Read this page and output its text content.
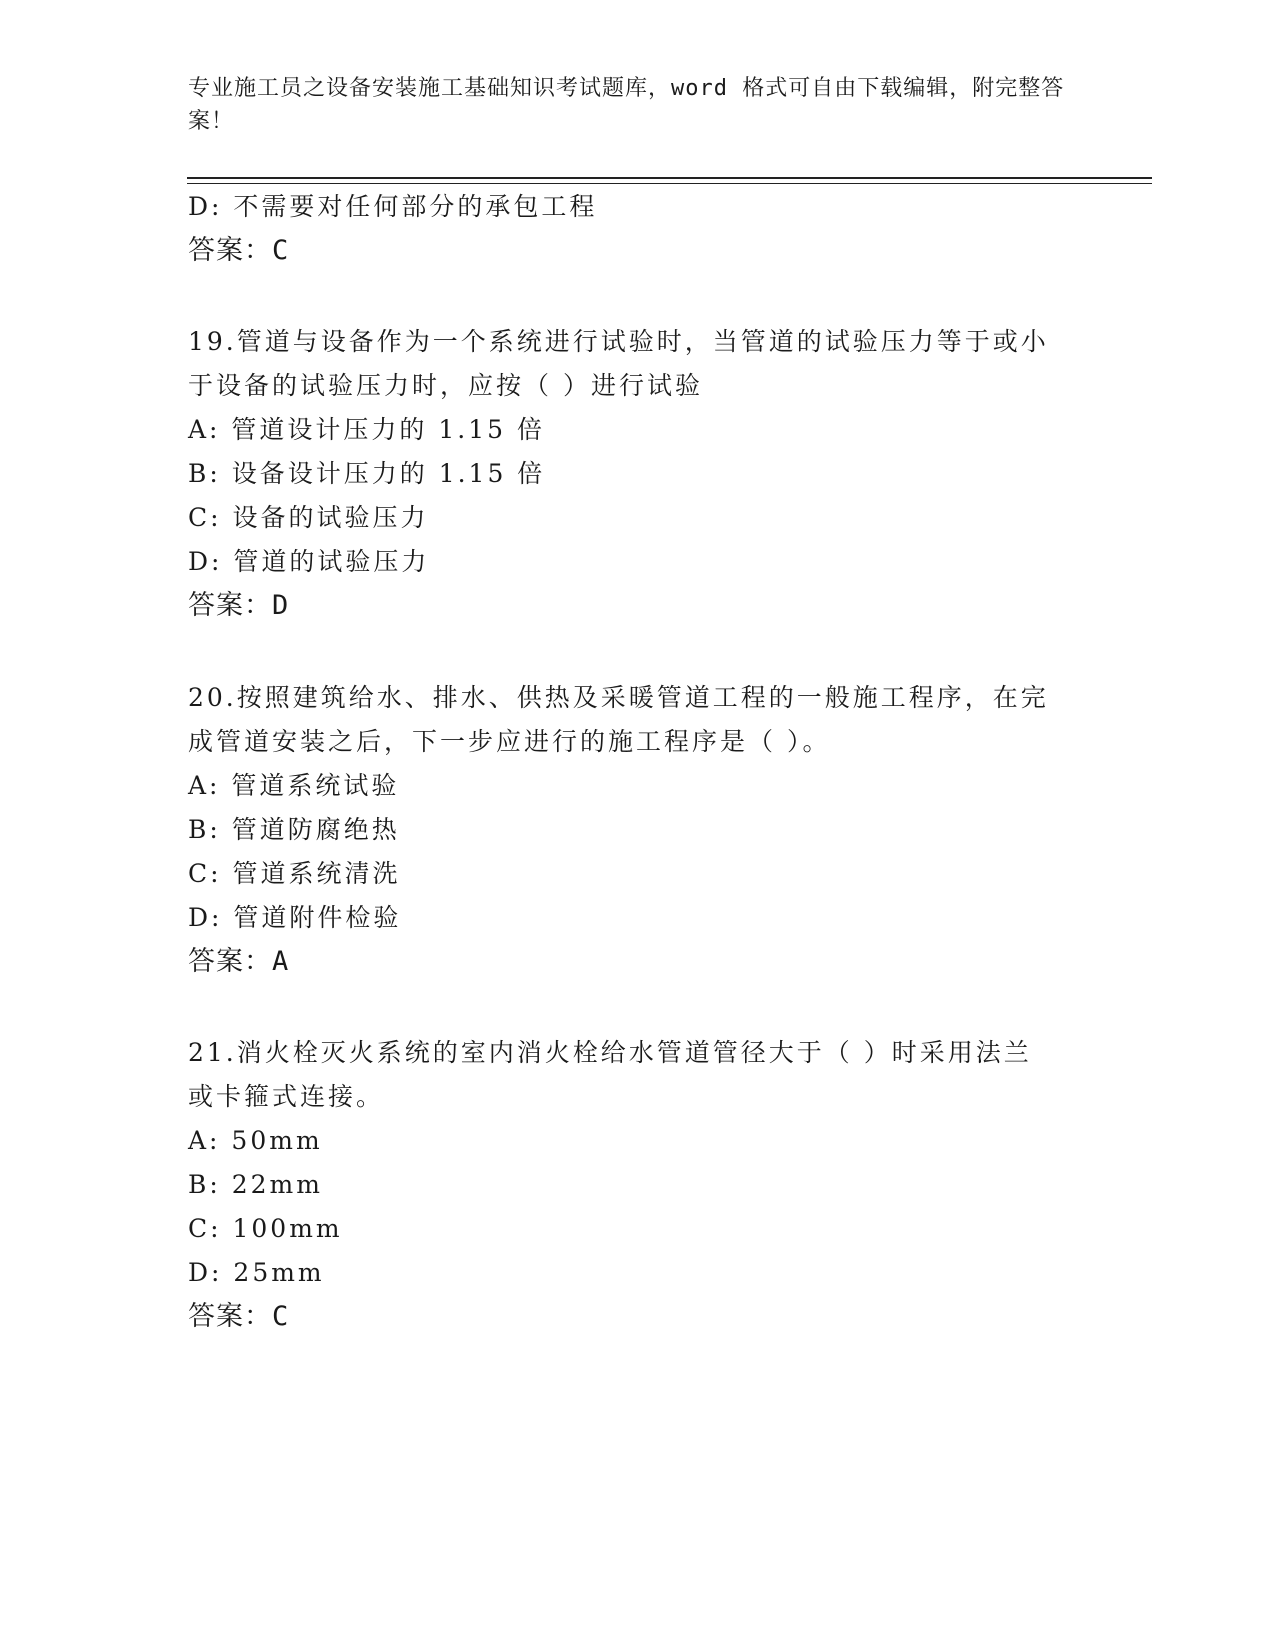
专业施工员之设备安装施工基础知识考试题库，word 格式可自由下载编辑，附完整答案！
D: 不需要对任何部分的承包工程
答案：C
19.管道与设备作为一个系统进行试验时，当管道的试验压力等于或小
于设备的试验压力时，应按（ ）进行试验
A: 管道设计压力的 1.15 倍
B: 设备设计压力的 1.15 倍
C: 设备的试验压力
D: 管道的试验压力
答案：D
20.按照建筑给水、排水、供热及采暖管道工程的一般施工程序，在完
成管道安装之后，下一步应进行的施工程序是（ ）。
A: 管道系统试验
B: 管道防腐绝热
C: 管道系统清洗
D: 管道附件检验
答案：A
21.消火栓灭火系统的室内消火栓给水管道管径大于（ ）时采用法兰
或卡箍式连接。
A: 50mm
B: 22mm
C: 100mm
D: 25mm
答案：C
